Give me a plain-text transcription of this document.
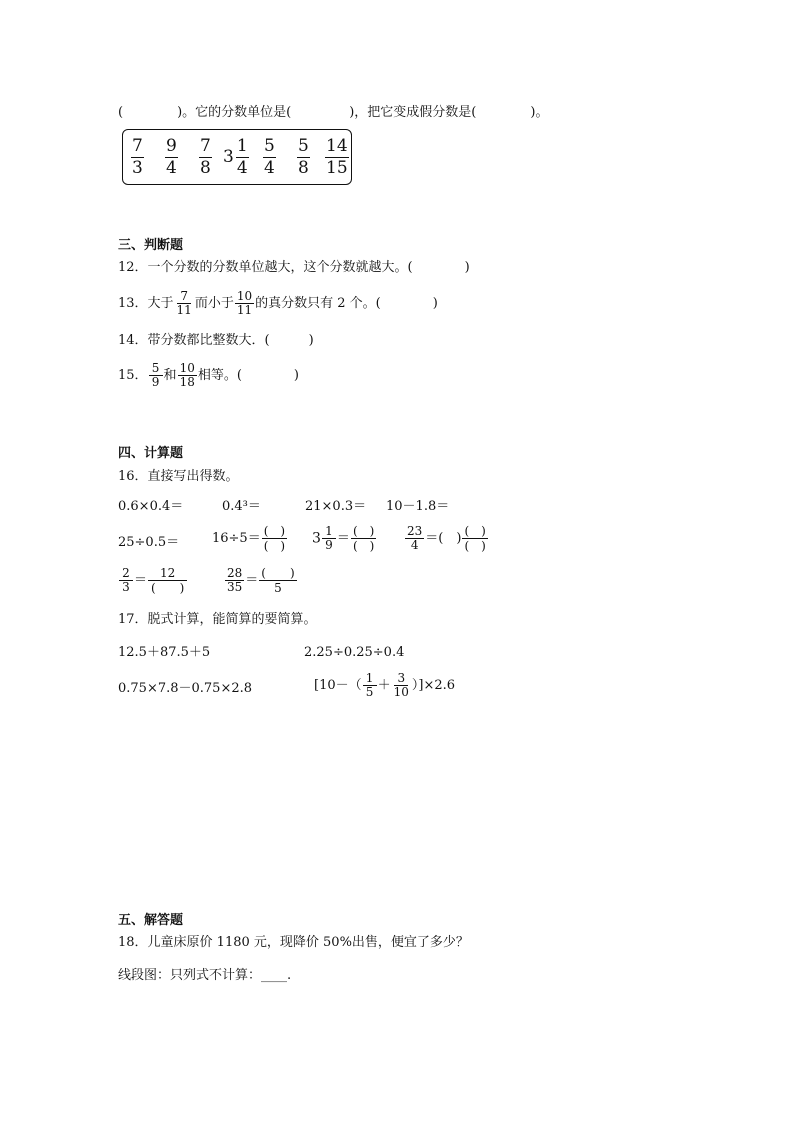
(	)。它的分数单位是(	)，把它变成假分数是(	)。
$\frac{7}{3} \frac{9}{4} \frac{7}{8} 3 \frac{1}{4} \frac{5}{4} \frac{5}{8} \frac{14}{15}$
三、判断题
12．一个分数的分数单位越大，这个分数就越大。(　　　　)
13．大于 $\frac{7}{11}$ 而小于 $\frac{10}{11}$ 的真分数只有 2 个。(　　　　)
14．带分数都比整数大．(　　　)
15． $\frac{5}{9}$ 和 $\frac{10}{18}$ 相等。(　　　　)
四、计算题
16．直接写出得数。
0.6×0.4＝	0.4³＝	21×0.3＝ 10－1.8＝
25÷0.5＝	$16\div 5= \frac{( )}{( )} 3 \frac{1}{9} = \frac{( )}{( )} \frac{23}{4}$ ＝(　) $\frac{( )}{( )}$
$\frac{2}{3} = \frac{12}{( )}$	$\frac{28}{35} = \frac{( )}{5}$
17．脱式计算，能简算的要简算。
12.5＋87.5＋5	2.25÷0.25÷0.4
0.75×7.8－0.75×2.8	$[10-( \frac{1}{5} + \frac{3}{10} )]\times 2.6$
五、解答题
18．儿童床原价 1180 元，现降价 50%出售，便宜了多少？
线段图：只列式不计算：____.
